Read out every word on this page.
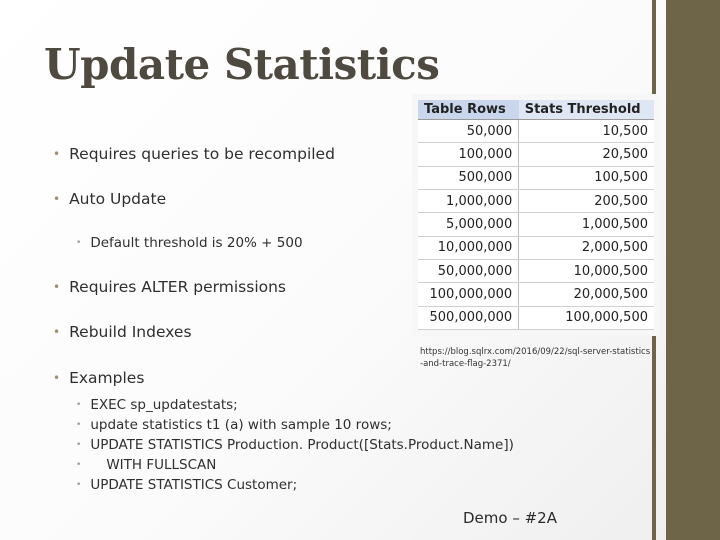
Update Statistics
• Requires queries to be recompiled
• Auto Update
• Default threshold is 20% + 500
• Requires ALTER permissions
• Rebuild Indexes
• Examples
• EXEC sp_updatestats;
• update statistics t1 (a) with sample 10 rows;
• UPDATE STATISTICS Production. Product([Stats.Product.Name])
•	WITH FULLSCAN
• UPDATE STATISTICS Customer;
Table Rows	Stats Threshold
50,000	10,500
100,000	20,500
500,000	100,500
1,000,000	200,500
5,000,000	1,000,500
10,000,000	2,000,500
50,000,000	10,000,500
100,000,000	20,000,500
500,000,000	100,000,500
https://blog.sqlrx.com/2016/09/22/sql-server-statistics-and-trace-flag-2371/
Demo – #2A
